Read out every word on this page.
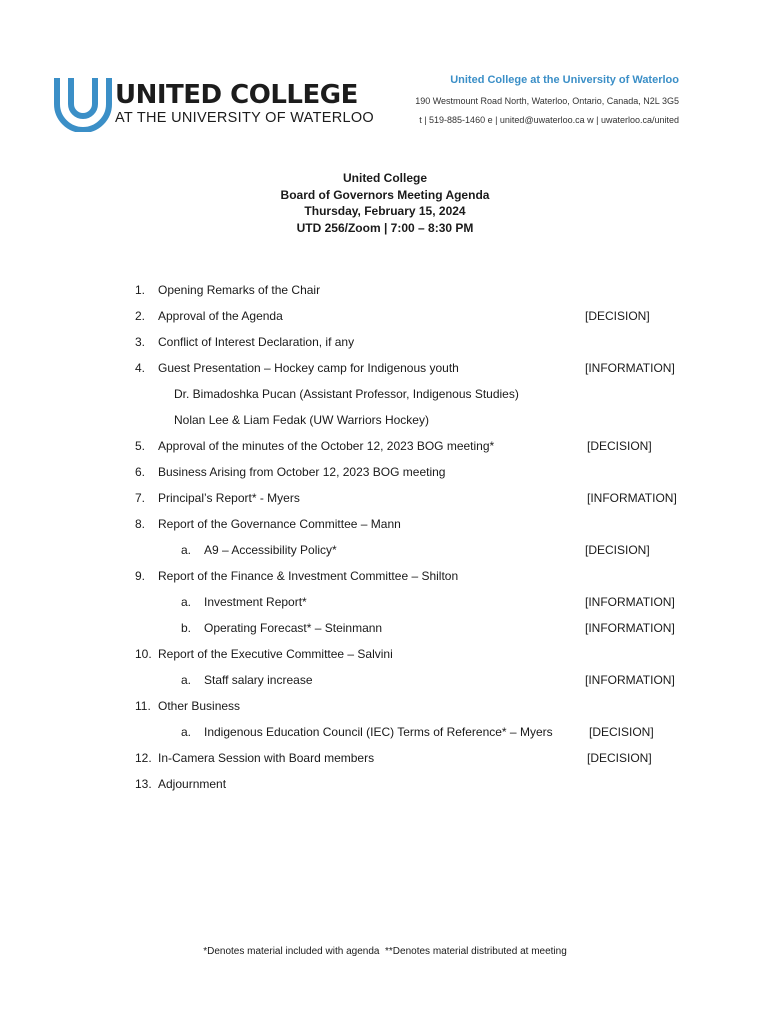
UNITED COLLEGE
AT THE UNIVERSITY OF WATERLOO
United College at the University of Waterloo
190 Westmount Road North, Waterloo, Ontario, Canada, N2L 3G5
t | 519-885-1460 e | united@uwaterloo.ca w | uwaterloo.ca/united
United College
Board of Governors Meeting Agenda
Thursday, February 15, 2024
UTD 256/Zoom | 7:00 – 8:30 PM
1. Opening Remarks of the Chair
2. Approval of the Agenda	[DECISION]
3. Conflict of Interest Declaration, if any
4. Guest Presentation – Hockey camp for Indigenous youth	[INFORMATION]
Dr. Bimadoshka Pucan (Assistant Professor, Indigenous Studies)
Nolan Lee & Liam Fedak (UW Warriors Hockey)
5. Approval of the minutes of the October 12, 2023 BOG meeting*	[DECISION]
6. Business Arising from October 12, 2023 BOG meeting
7. Principal’s Report* - Myers	[INFORMATION]
8. Report of the Governance Committee – Mann
a. A9 – Accessibility Policy*	[DECISION]
9. Report of the Finance & Investment Committee – Shilton
a. Investment Report*	[INFORMATION]
b. Operating Forecast* – Steinmann	[INFORMATION]
10. Report of the Executive Committee – Salvini
a. Staff salary increase	[INFORMATION]
11. Other Business
a. Indigenous Education Council (IEC) Terms of Reference* – Myers	[DECISION]
12. In-Camera Session with Board members	[DECISION]
13. Adjournment
*Denotes material included with agenda **Denotes material distributed at meeting
